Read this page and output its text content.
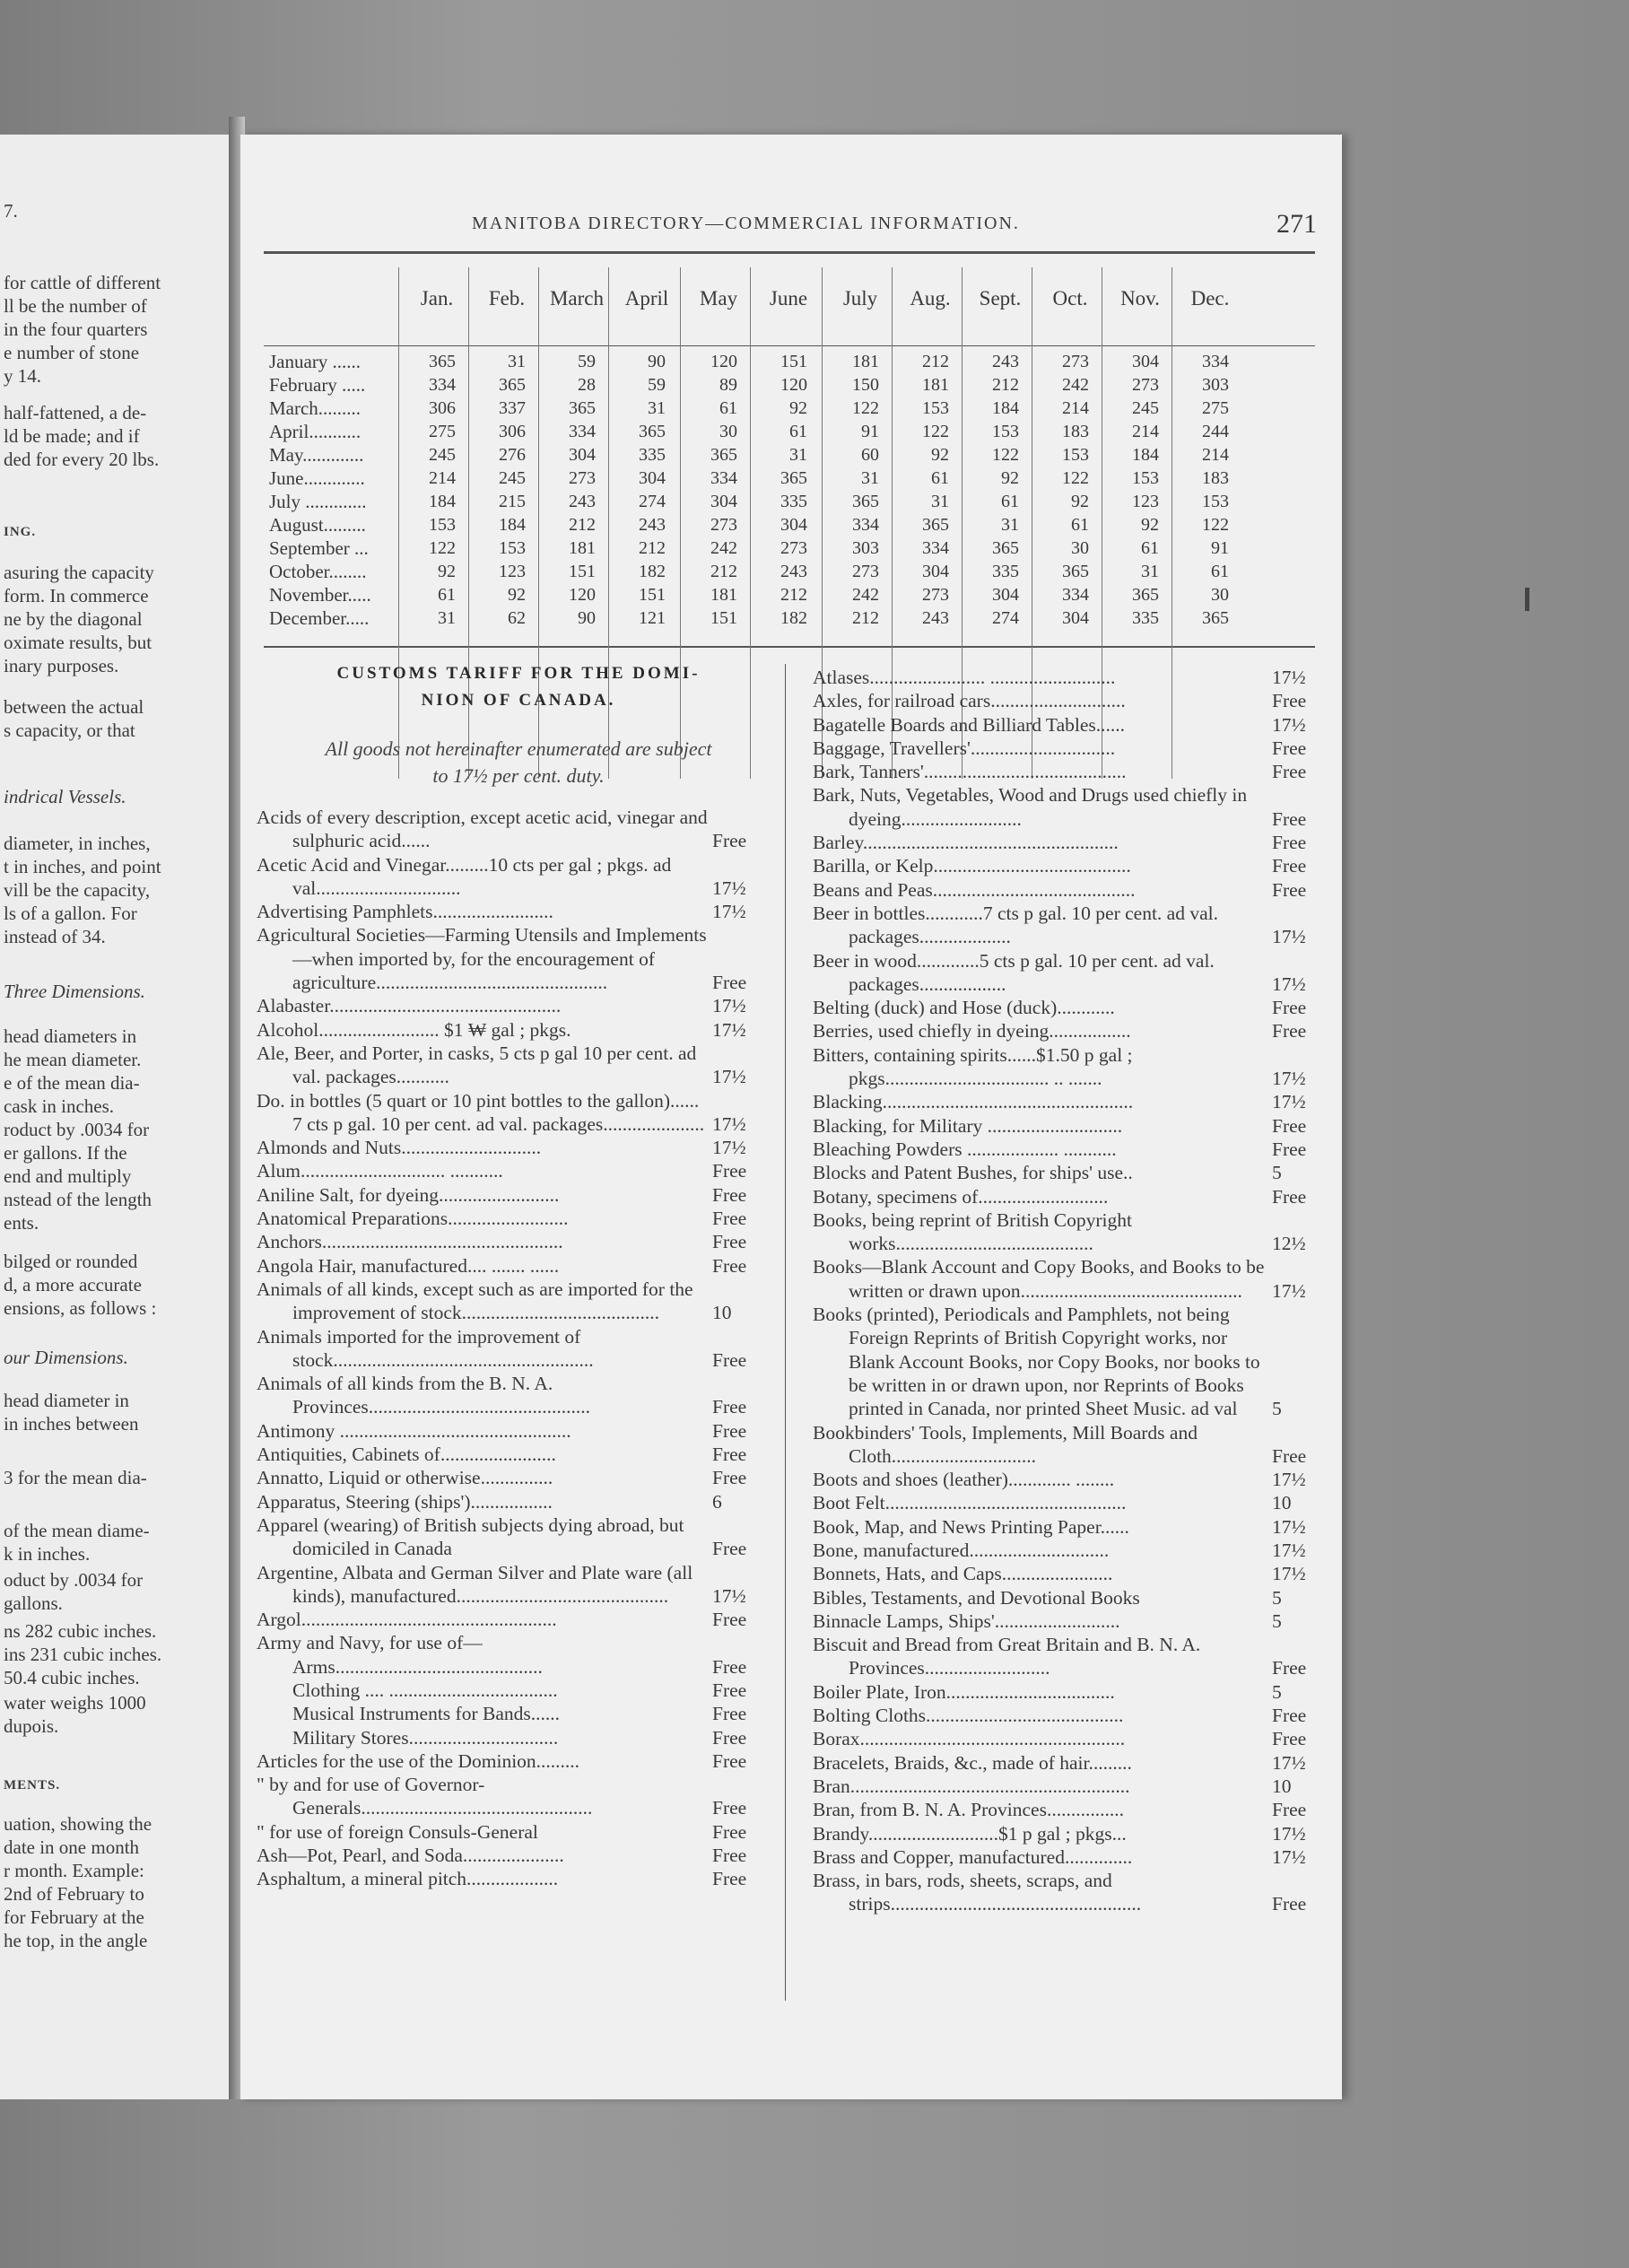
7.
for cattle of different
ll be the number of
in the four quarters
e number of stone
y 14.
half-fattened, a de-
ld be made; and if
ded for every 20 lbs.
ING.
asuring the capacity
form. In commerce
ne by the diagonal
oximate results, but
inary purposes.
between the actual
s capacity, or that
indrical Vessels.
diameter, in inches,
t in inches, and point
vill be the capacity,
ls of a gallon. For
instead of 34.
Three Dimensions.
head diameters in
he mean diameter.
e of the mean dia-
cask in inches.
roduct by .0034 for
er gallons. If the
end and multiply
nstead of the length
ents.
bilged or rounded
d, a more accurate
ensions, as follows :
our Dimensions.
head diameter in
in inches between
3 for the mean dia-
of the mean diame-
k in inches.
oduct by .0034 for
gallons.
ns 282 cubic inches.
ins 231 cubic inches.
50.4 cubic inches.
water weighs 1000
dupois.
MENTS.
uation, showing the
date in one month
r month. Example:
2nd of February to
for February at the
he top, in the angle
MANITOBA DIRECTORY—COMMERCIAL INFORMATION.	271
Jan.	Feb.	March	April	May	June	July	Aug.	Sept.	Oct.	Nov.	Dec.
January ......	365	31	59	90	120	151	181	212	243	273	304	334
February .....	334	365	28	59	89	120	150	181	212	242	273	303
March.........	306	337	365	31	61	92	122	153	184	214	245	275
April...........	275	306	334	365	30	61	91	122	153	183	214	244
May.............	245	276	304	335	365	31	60	92	122	153	184	214
June.............	214	245	273	304	334	365	31	61	92	122	153	183
July .............	184	215	243	274	304	335	365	31	61	92	123	153
August.........	153	184	212	243	273	304	334	365	31	61	92	122
September ...	122	153	181	212	242	273	303	334	365	30	61	91
October........	92	123	151	182	212	243	273	304	335	365	31	61
November.....	61	92	120	151	181	212	242	273	304	334	365	30
December.....	31	62	90	121	151	182	212	243	274	304	335	365
CUSTOMS TARIFF FOR THE DOMI-
NION OF CANADA.
All goods not hereinafter enumerated are subject
to 17½ per cent. duty.
Acids of every description, except acetic acid, vinegar and sulphuric acid......	Free
Acetic Acid and Vinegar.........10 cts per gal ; pkgs. ad val..............................	17½
Advertising Pamphlets.........................	17½
Agricultural Societies—Farming Utensils and Implements—when imported by, for the encouragement of agriculture................................................	Free
Alabaster................................................	17½
Alcohol......................... $1 ₩ gal ; pkgs.	17½
Ale, Beer, and Porter, in casks, 5 cts p gal 10 per cent. ad val. packages...........	17½
Do. in bottles (5 quart or 10 pint bottles to the gallon)...... 7 cts p gal. 10 per cent. ad val. packages..................... 17½
Almonds and Nuts.............................	17½
Alum.............................. ...........	Free
Aniline Salt, for dyeing.........................	Free
Anatomical Preparations.........................	Free
Anchors..................................................	Free
Angola Hair, manufactured.... ....... ......	Free
Animals of all kinds, except such as are imported for the improvement of stock.........................................	10
Animals imported for the improvement of stock......................................................	Free
Animals of all kinds from the B. N. A. Provinces..............................................	Free
Antimony ................................................	Free
Antiquities, Cabinets of........................	Free
Annatto, Liquid or otherwise...............	Free
Apparatus, Steering (ships').................	6
Apparel (wearing) of British subjects dying abroad, but domiciled in Canada	Free
Argentine, Albata and German Silver and Plate ware (all kinds), manufactured............................................	17½
Argol.....................................................	Free
Army and Navy, for use of—
Arms...........................................	Free
Clothing .... ...................................	Free
Musical Instruments for Bands......	Free
Military Stores...............................	Free
Articles for the use of the Dominion.........	Free
" by and for use of Governor-Generals................................................	Free
" for use of foreign Consuls-General	Free
Ash—Pot, Pearl, and Soda.....................	Free
Asphaltum, a mineral pitch...................	Free
Atlases........................ ..........................	17½
Axles, for railroad cars............................	Free
Bagatelle Boards and Billiard Tables......	17½
Baggage, Travellers'..............................	Free
Bark, Tanners'..........................................	Free
Bark, Nuts, Vegetables, Wood and Drugs used chiefly in dyeing.........................	Free
Barley.....................................................	Free
Barilla, or Kelp.........................................	Free
Beans and Peas..........................................	Free
Beer in bottles............7 cts p gal. 10 per cent. ad val. packages...................	17½
Beer in wood.............5 cts p gal. 10 per cent. ad val. packages..................	17½
Belting (duck) and Hose (duck)............	Free
Berries, used chiefly in dyeing.................	Free
Bitters, containing spirits......$1.50 p gal ; pkgs.................................. .. .......	17½
Blacking....................................................	17½
Blacking, for Military ............................	Free
Bleaching Powders ................... ...........	Free
Blocks and Patent Bushes, for ships' use..	5
Botany, specimens of...........................	Free
Books, being reprint of British Copyright works.........................................	12½
Books—Blank Account and Copy Books, and Books to be written or drawn upon..............................................	17½
Books (printed), Periodicals and Pamphlets, not being Foreign Reprints of British Copyright works, nor Blank Account Books, nor Copy Books, nor books to be written in or drawn upon, nor Reprints of Books printed in Canada, nor printed Sheet Music. ad val	5
Bookbinders' Tools, Implements, Mill Boards and Cloth..............................	Free
Boots and shoes (leather)............. ........	17½
Boot Felt..................................................	10
Book, Map, and News Printing Paper......	17½
Bone, manufactured.............................	17½
Bonnets, Hats, and Caps.......................	17½
Bibles, Testaments, and Devotional Books	5
Binnacle Lamps, Ships'..........................	5
Biscuit and Bread from Great Britain and B. N. A. Provinces..........................	Free
Boiler Plate, Iron...................................	5
Bolting Cloths.........................................	Free
Borax.......................................................	Free
Bracelets, Braids, &c., made of hair.........	17½
Bran..........................................................	10
Bran, from B. N. A. Provinces................	Free
Brandy...........................$1 p gal ; pkgs...	17½
Brass and Copper, manufactured..............	17½
Brass, in bars, rods, sheets, scraps, and strips....................................................	Free
